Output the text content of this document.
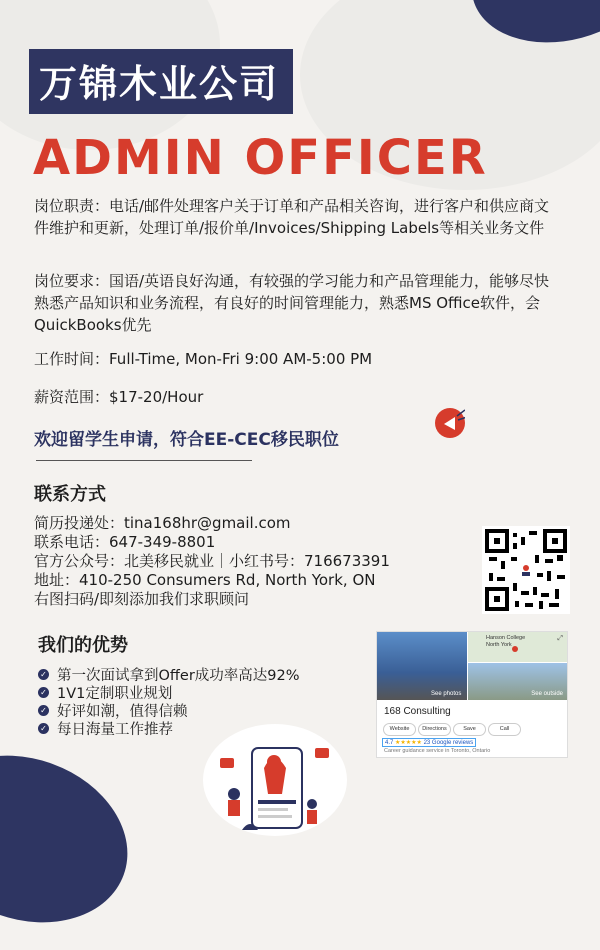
万锦木业公司
ADMIN OFFICER
岗位职责：电话/邮件处理客户关于订单和产品相关咨询，进行客户和供应商文件维护和更新，处理订单/报价单/Invoices/Shipping Labels等相关业务文件
岗位要求：国语/英语良好沟通，有较强的学习能力和产品管理能力，能够尽快熟悉产品知识和业务流程，有良好的时间管理能力，熟悉MS Office软件，会QuickBooks优先
工作时间：Full-Time, Mon-Fri 9:00 AM-5:00 PM
薪资范围：$17-20/Hour
欢迎留学生申请，符合EE-CEC移民职位
联系方式
简历投递处：tina168hr@gmail.com
联系电话：647-349-8801
官方公众号：北美移民就业｜小红书号：716673391
地址：410-250 Consumers Rd, North York, ON
右图扫码/即刻添加我们求职顾问
我们的优势
✓ 第一次面试拿到Offer成功率高达92%
✓ 1V1定制职业规划
✓ 好评如潮，值得信赖
✓ 每日海量工作推荐
See photos
Hanson College North York
⤢
See outside
168 Consulting
Website	Directions	Save	Call
4.7 ★★★★★ 23 Google reviews
Career guidance service in Toronto, Ontario
